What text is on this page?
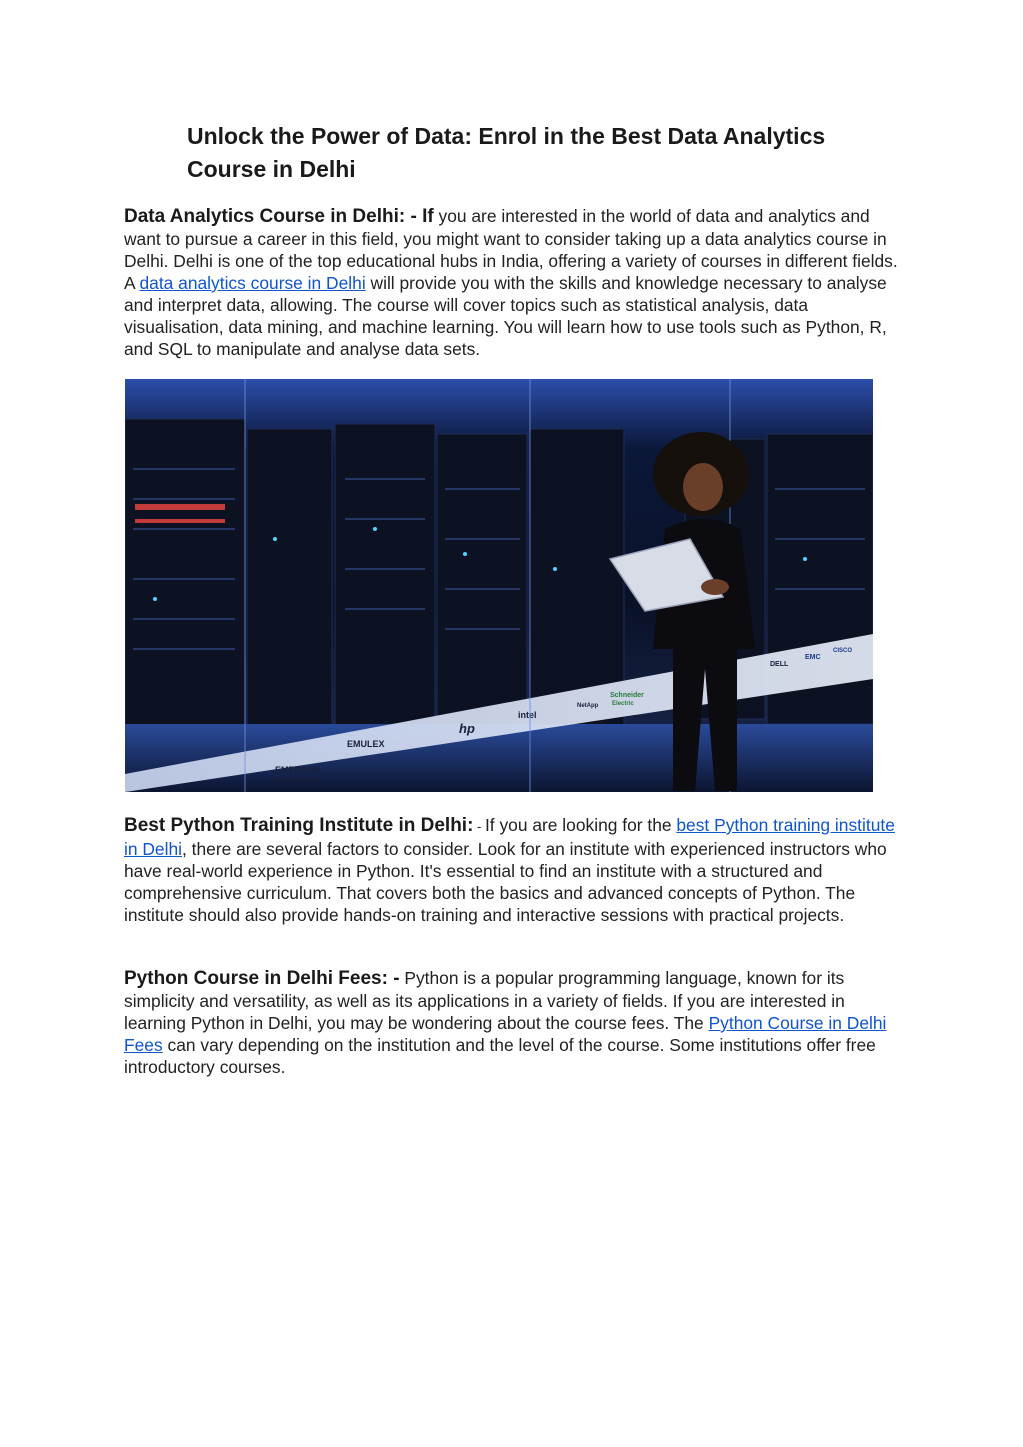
Unlock the Power of Data: Enrol in the Best Data Analytics Course in Delhi

Data Analytics Course in Delhi: - If you are interested in the world of data and analytics and want to pursue a career in this field, you might want to consider taking up a data analytics course in Delhi. Delhi is one of the top educational hubs in India, offering a variety of courses in different fields. A data analytics course in Delhi will provide you with the skills and knowledge necessary to analyse and interpret data, allowing. The course will cover topics such as statistical analysis, data visualisation, data mining, and machine learning. You will learn how to use tools such as Python, R, and SQL to manipulate and analyse data sets.

EMERSON
Network Power
EMULEX
hp
intel
NetApp
Schneider
Electric
DELL
EMC
CISCO

Best Python Training Institute in Delhi: - If you are looking for the best Python training institute in Delhi, there are several factors to consider. Look for an institute with experienced instructors who have real-world experience in Python. It's essential to find an institute with a structured and comprehensive curriculum. That covers both the basics and advanced concepts of Python. The institute should also provide hands-on training and interactive sessions with practical projects.

Python Course in Delhi Fees: - Python is a popular programming language, known for its simplicity and versatility, as well as its applications in a variety of fields. If you are interested in learning Python in Delhi, you may be wondering about the course fees. The Python Course in Delhi Fees can vary depending on the institution and the level of the course. Some institutions offer free introductory courses.
